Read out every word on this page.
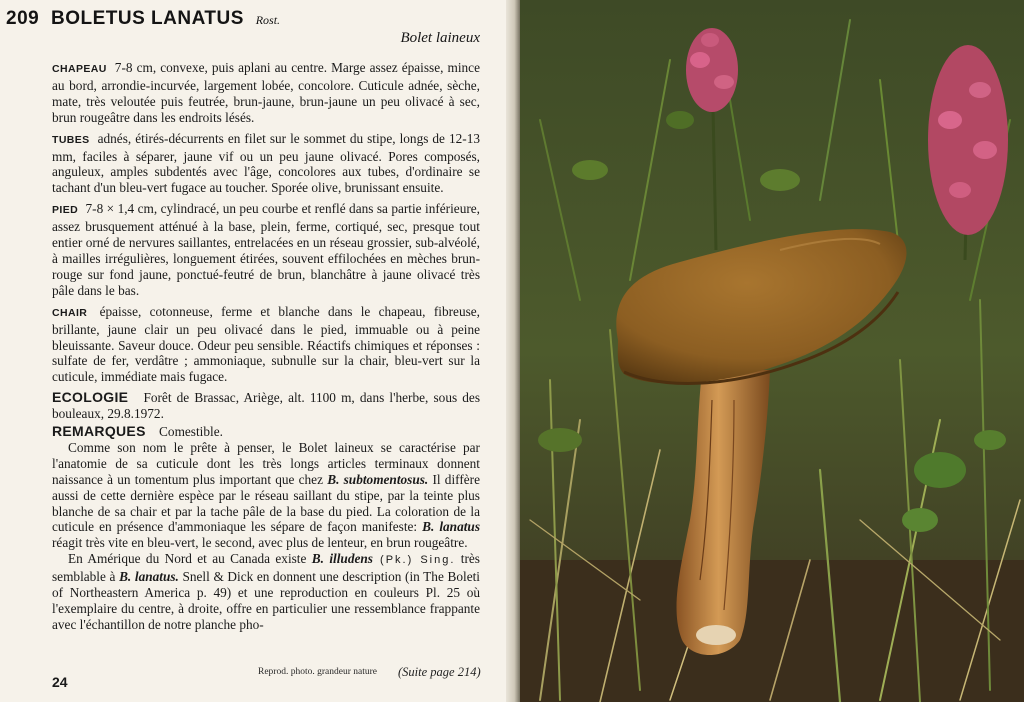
209 BOLETUS LANATUS Rost.
Bolet laineux

CHAPEAU 7-8 cm, convexe, puis aplani au centre. Marge assez épaisse, mince au bord, arrondie-incurvée, largement lobée, concolore. Cuticule adnée, sèche, mate, très veloutée puis feutrée, brun-jaune, brun-jaune un peu olivacé à sec, brun rougeâtre dans les endroits lésés.

TUBES adnés, étirés-décurrents en filet sur le sommet du stipe, longs de 12-13 mm, faciles à séparer, jaune vif ou un peu jaune olivacé. Pores composés, anguleux, amples subdentés avec l'âge, concolores aux tubes, d'ordinaire se tachant d'un bleu-vert fugace au toucher. Sporée olive, brunissant ensuite.

PIED 7-8 × 1,4 cm, cylindracé, un peu courbe et renflé dans sa partie inférieure, assez brusquement atténué à la base, plein, ferme, cortiqué, sec, presque tout entier orné de nervures saillantes, entrelacées en un réseau grossier, sub-alvéolé, à mailles irrégulières, longuement étirées, souvent effilochées en mèches brun-rouge sur fond jaune, ponctué-feutré de brun, blanchâtre à jaune olivacé très pâle dans le bas.

CHAIR épaisse, cotonneuse, ferme et blanche dans le chapeau, fibreuse, brillante, jaune clair un peu olivacé dans le pied, immuable ou à peine bleuissante. Saveur douce. Odeur peu sensible. Réactifs chimiques et réponses : sulfate de fer, verdâtre ; ammoniaque, subnulle sur la chair, bleu-vert sur la cuticule, immédiate mais fugace.

ECOLOGIE Forêt de Brassac, Ariège, alt. 1100 m, dans l'herbe, sous des bouleaux, 29.8.1972.

REMARQUES Comestible.

Comme son nom le prête à penser, le Bolet laineux se caractérise par l'anatomie de sa cuticule dont les très longs articles terminaux donnent naissance à un tomentum plus important que chez B. subtomentosus. Il diffère aussi de cette dernière espèce par le réseau saillant du stipe, par la teinte plus blanche de sa chair et par la tache pâle de la base du pied. La coloration de la cuticule en présence d'ammoniaque les sépare de façon manifeste: B. lanatus réagit très vite en bleu-vert, le second, avec plus de lenteur, en brun rougeâtre.

En Amérique du Nord et au Canada existe B. illudens (Pk.) Sing. très semblable à B. lanatus. Snell & Dick en donnent une description (in The Boleti of Northeastern America p. 49) et une reproduction en couleurs Pl. 25 où l'exemplaire du centre, à droite, offre en particulier une ressemblance frappante avec l'échantillon de notre planche pho-

24
Reprod. photo. grandeur nature (Suite page 214)
